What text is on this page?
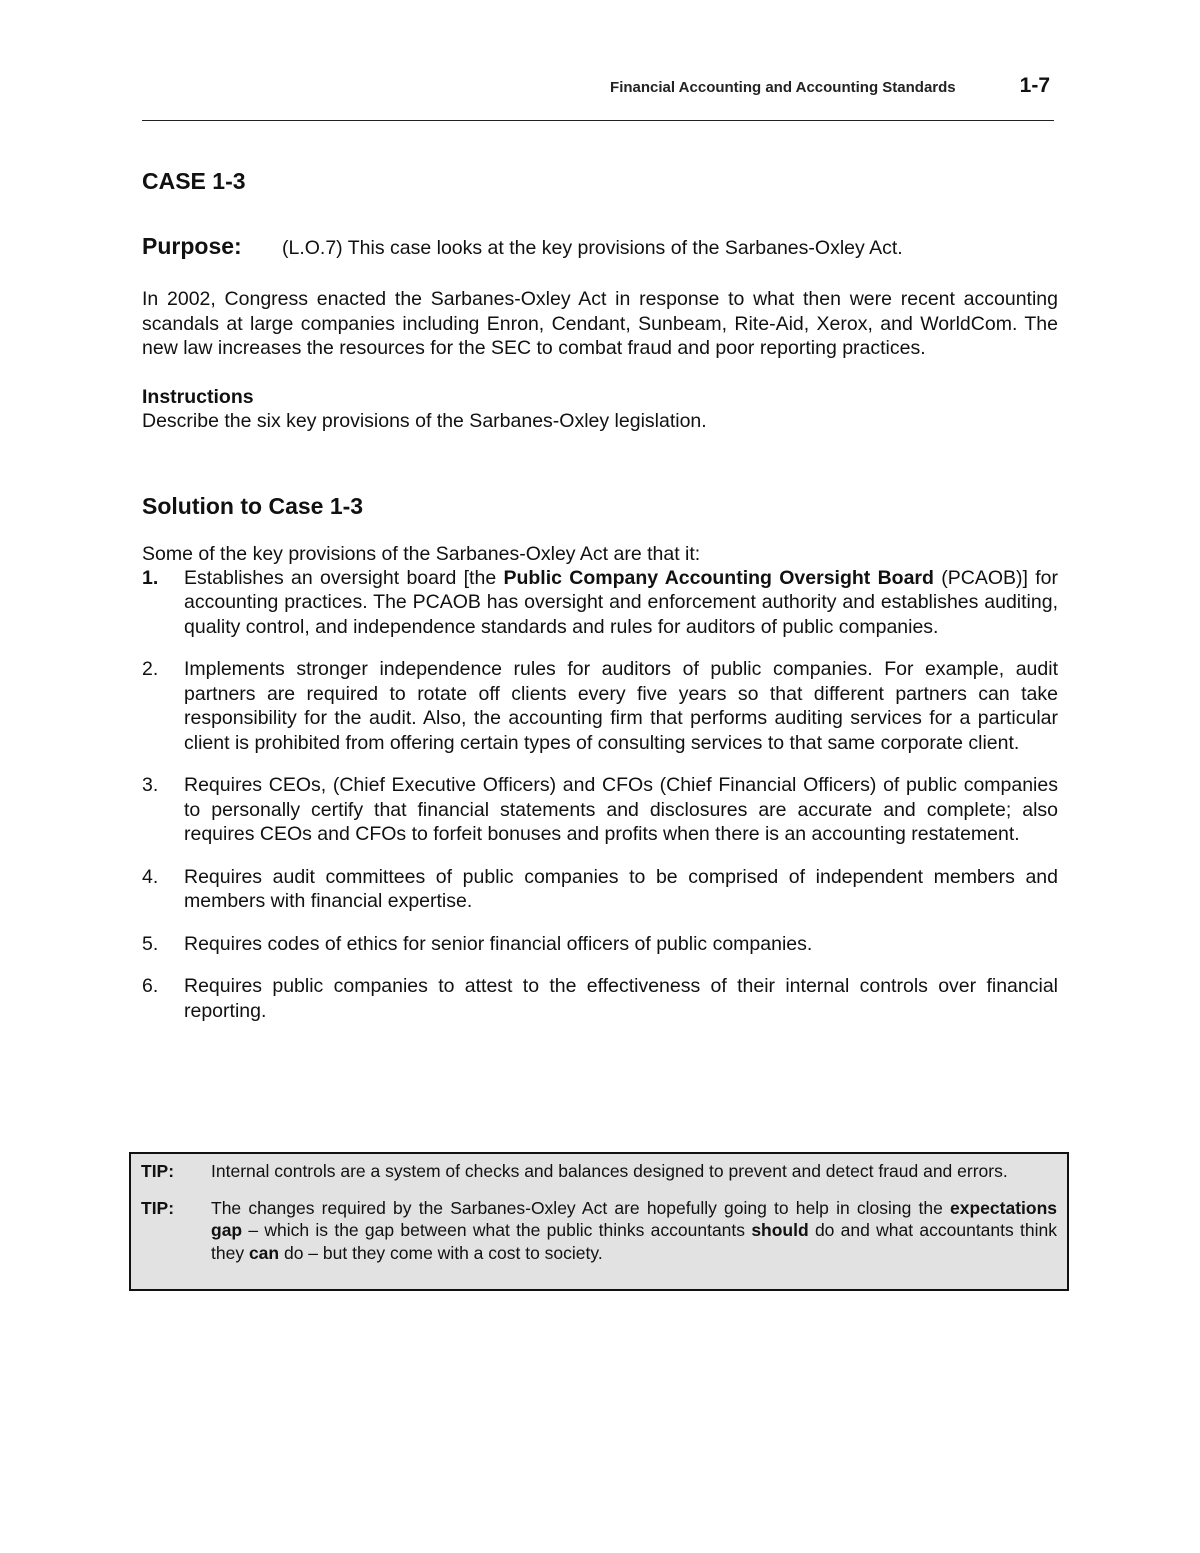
Financial Accounting and Accounting Standards	1-7
CASE 1-3
Purpose:	(L.O.7) This case looks at the key provisions of the Sarbanes-Oxley Act.

In 2002, Congress enacted the Sarbanes-Oxley Act in response to what then were recent accounting scandals at large companies including Enron, Cendant, Sunbeam, Rite-Aid, Xerox, and WorldCom. The new law increases the resources for the SEC to combat fraud and poor reporting practices.

Instructions

Describe the six key provisions of the Sarbanes-Oxley legislation.

Solution to Case 1-3

Some of the key provisions of the Sarbanes-Oxley Act are that it:

1.	Establishes an oversight board [the Public Company Accounting Oversight Board (PCAOB)] for accounting practices. The PCAOB has oversight and enforcement authority and establishes auditing, quality control, and independence standards and rules for auditors of public companies.
2.	Implements stronger independence rules for auditors of public companies. For example, audit partners are required to rotate off clients every five years so that different partners can take responsibility for the audit. Also, the accounting firm that performs auditing services for a particular client is prohibited from offering certain types of consulting services to that same corporate client.
3.	Requires CEOs, (Chief Executive Officers) and CFOs (Chief Financial Officers) of public companies to personally certify that financial statements and disclosures are accurate and complete; also requires CEOs and CFOs to forfeit bonuses and profits when there is an accounting restatement.
4.	Requires audit committees of public companies to be comprised of independent members and members with financial expertise.
5.	Requires codes of ethics for senior financial officers of public companies.
6.	Requires public companies to attest to the effectiveness of their internal controls over financial reporting.
TIP:	Internal controls are a system of checks and balances designed to prevent and detect fraud and errors.
TIP:	The changes required by the Sarbanes-Oxley Act are hopefully going to help in closing the expectations gap – which is the gap between what the public thinks accountants should do and what accountants think they can do – but they come with a cost to society.
